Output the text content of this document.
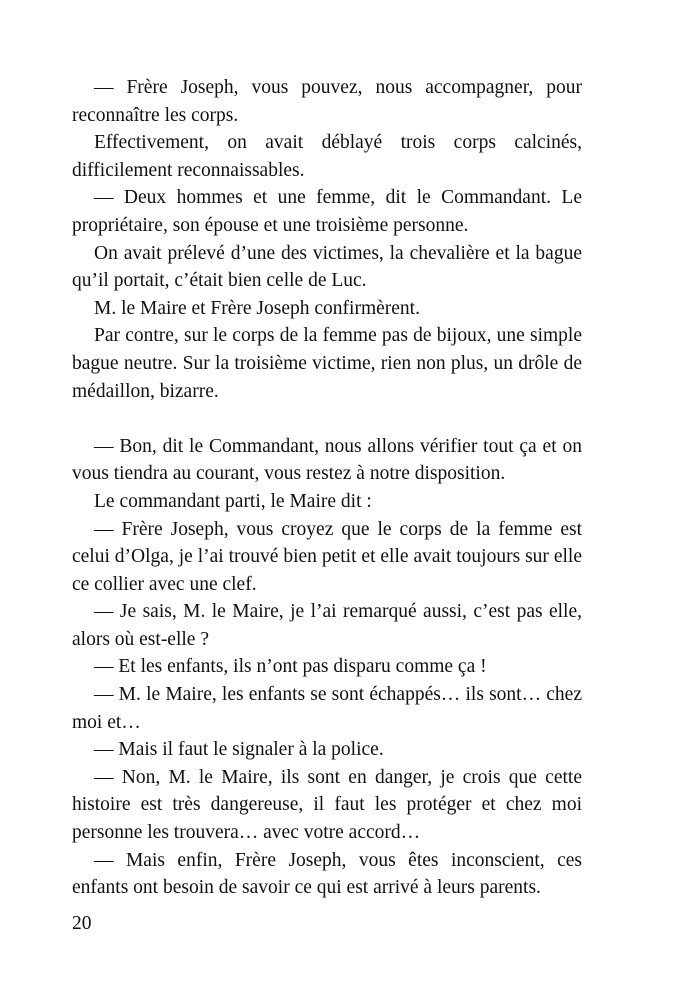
— Frère Joseph, vous pouvez, nous accompagner, pour reconnaître les corps.

Effectivement, on avait déblayé trois corps calcinés, difficilement reconnaissables.

— Deux hommes et une femme, dit le Commandant. Le propriétaire, son épouse et une troisième personne.

On avait prélevé d’une des victimes, la chevalière et la bague qu’il portait, c’était bien celle de Luc.

M. le Maire et Frère Joseph confirmèrent.

Par contre, sur le corps de la femme pas de bijoux, une simple bague neutre. Sur la troisième victime, rien non plus, un drôle de médaillon, bizarre.

— Bon, dit le Commandant, nous allons vérifier tout ça et on vous tiendra au courant, vous restez à notre disposition.

Le commandant parti, le Maire dit :

— Frère Joseph, vous croyez que le corps de la femme est celui d’Olga, je l’ai trouvé bien petit et elle avait toujours sur elle ce collier avec une clef.

— Je sais, M. le Maire, je l’ai remarqué aussi, c’est pas elle, alors où est-elle ?

— Et les enfants, ils n’ont pas disparu comme ça !

— M. le Maire, les enfants se sont échappés… ils sont… chez moi et…

— Mais il faut le signaler à la police.

— Non, M. le Maire, ils sont en danger, je crois que cette histoire est très dangereuse, il faut les protéger et chez moi personne les trouvera… avec votre accord…

— Mais enfin, Frère Joseph, vous êtes inconscient, ces enfants ont besoin de savoir ce qui est arrivé à leurs parents.

20
